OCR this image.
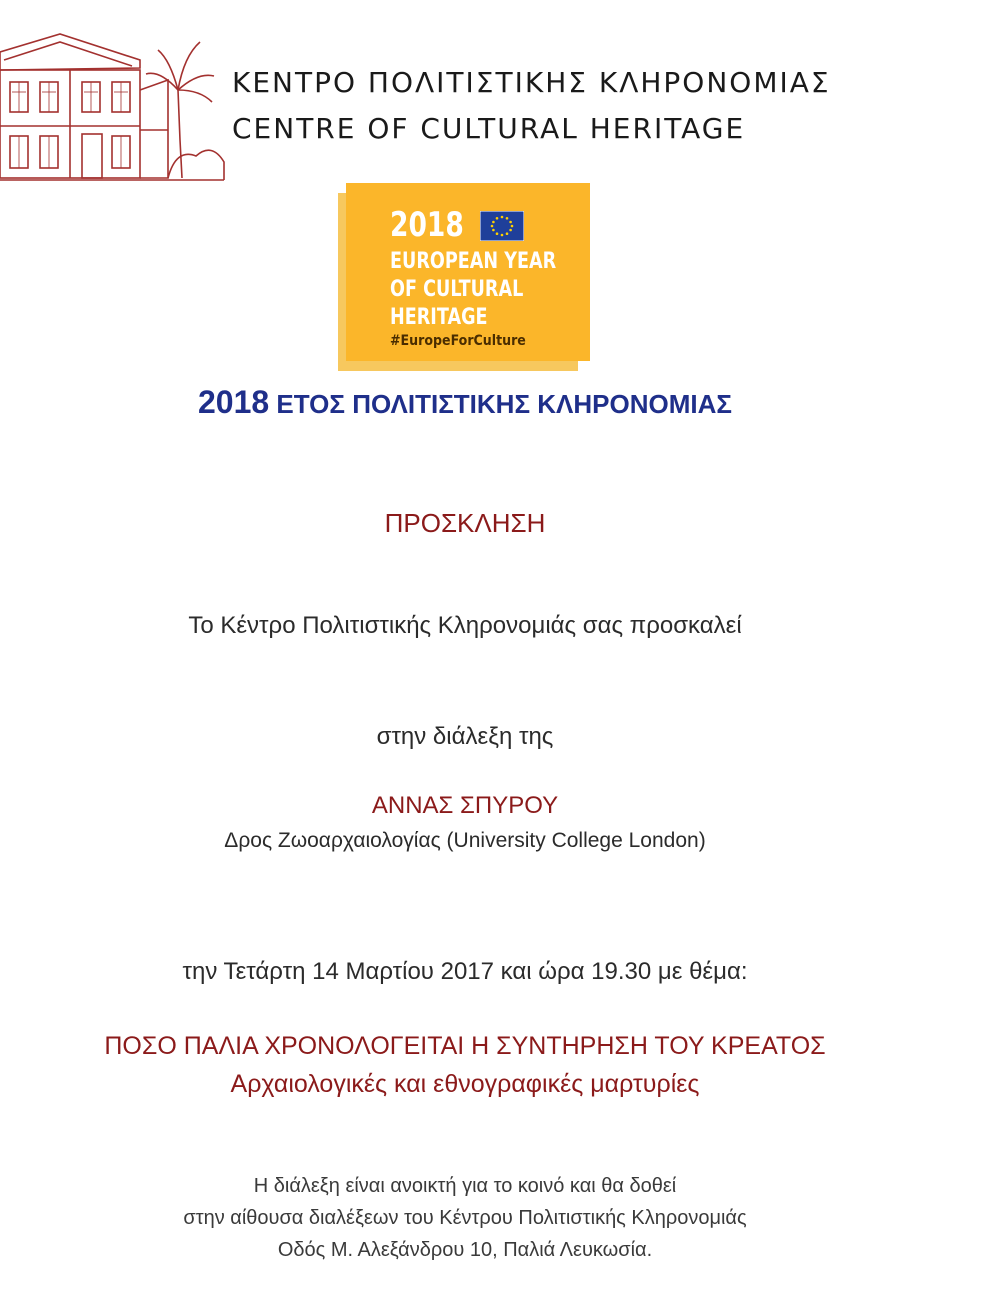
ΚΕΝΤΡΟ ΠΟΛΙΤΙΣΤΙΚΗΣ ΚΛΗΡΟΝΟΜΙΑΣ
CENTRE OF CULTURAL HERITAGE
2018
EUROPEAN YEAR
OF CULTURAL
HERITAGE
#EuropeForCulture
2018 ΕΤΟΣ ΠΟΛΙΤΙΣΤΙΚΗΣ ΚΛΗΡΟΝΟΜΙΑΣ
ΠΡΟΣΚΛΗΣΗ
Το Κέντρο Πολιτιστικής Κληρονομιάς σας προσκαλεί
στην διάλεξη της
ΑΝΝΑΣ ΣΠΥΡΟΥ
Δρος Ζωοαρχαιολογίας (University College London)
την Τετάρτη 14 Μαρτίου 2017 και ώρα 19.30 με θέμα:
ΠΟΣΟ ΠΑΛΙΑ ΧΡΟΝΟΛΟΓΕΙΤΑΙ Η ΣΥΝΤΗΡΗΣΗ ΤΟΥ ΚΡΕΑΤΟΣ
Αρχαιολογικές και εθνογραφικές μαρτυρίες
Η διάλεξη είναι ανοικτή για το κοινό και θα δοθεί
στην αίθουσα διαλέξεων του Κέντρου Πολιτιστικής Κληρονομιάς
Οδός Μ. Αλεξάνδρου 10, Παλιά Λευκωσία.
